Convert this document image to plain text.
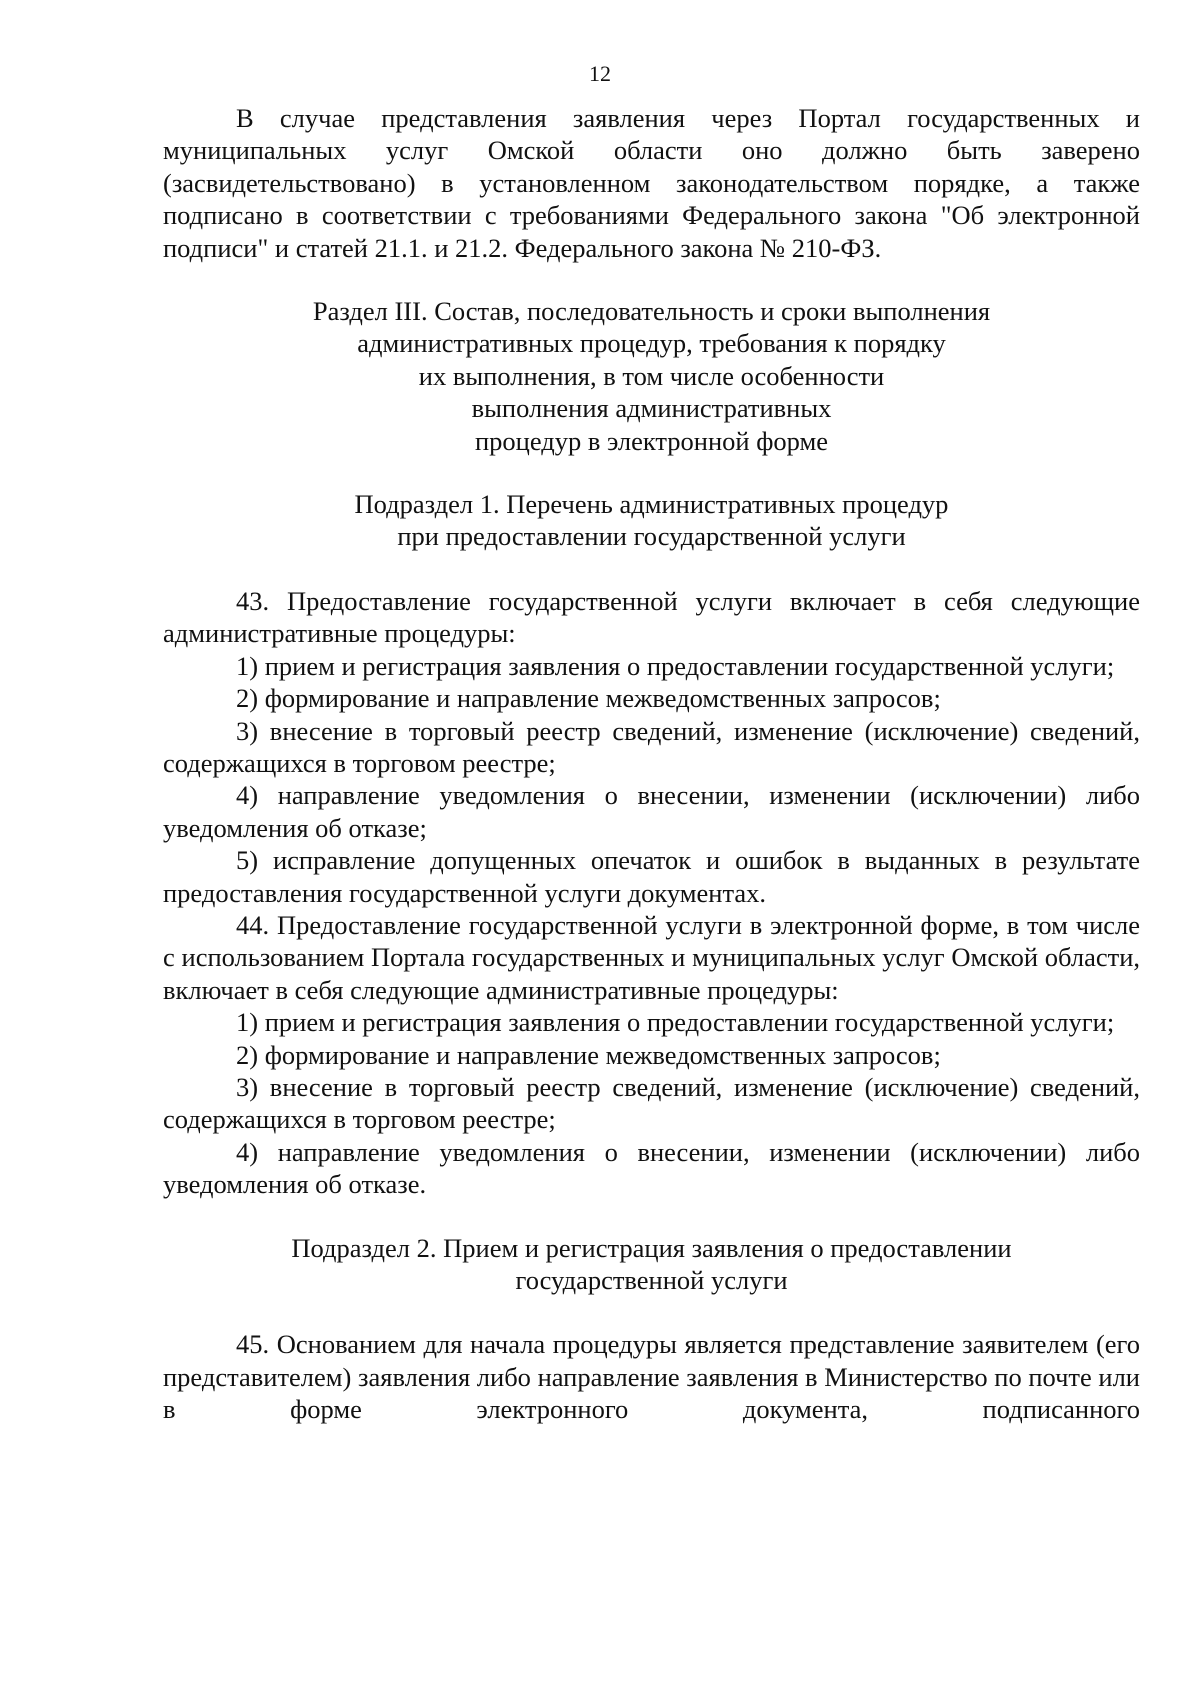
12

В случае представления заявления через Портал государственных и муниципальных услуг Омской области оно должно быть заверено (засвидетельствовано) в установленном законодательством порядке, а также подписано в соответствии с требованиями Федерального закона "Об электронной подписи" и статей 21.1. и 21.2. Федерального закона № 210-ФЗ.

Раздел III. Состав, последовательность и сроки выполнения
административных процедур, требования к порядку
их выполнения, в том числе особенности
выполнения административных
процедур в электронной форме
Подраздел 1. Перечень административных процедур
при предоставлении государственной услуги

43. Предоставление государственной услуги включает в себя следующие административные процедуры:

1) прием и регистрация заявления о предоставлении государственной услуги;

2) формирование и направление межведомственных запросов;

3) внесение в торговый реестр сведений, изменение (исключение) сведений, содержащихся в торговом реестре;

4) направление уведомления о внесении, изменении (исключении) либо уведомления об отказе;

5) исправление допущенных опечаток и ошибок в выданных в результате предоставления государственной услуги документах.

44. Предоставление государственной услуги в электронной форме, в том числе с использованием Портала государственных и муниципальных услуг Омской области, включает в себя следующие административные процедуры:

1) прием и регистрация заявления о предоставлении государственной услуги;

2) формирование и направление межведомственных запросов;

3) внесение в торговый реестр сведений, изменение (исключение) сведений, содержащихся в торговом реестре;

4) направление уведомления о внесении, изменении (исключении) либо уведомления об отказе.

Подраздел 2. Прием и регистрация заявления о предоставлении
государственной услуги

45. Основанием для начала процедуры является представление заявителем (его представителем) заявления либо направление заявления в Министерство по почте или в форме электронного документа, подписанного
